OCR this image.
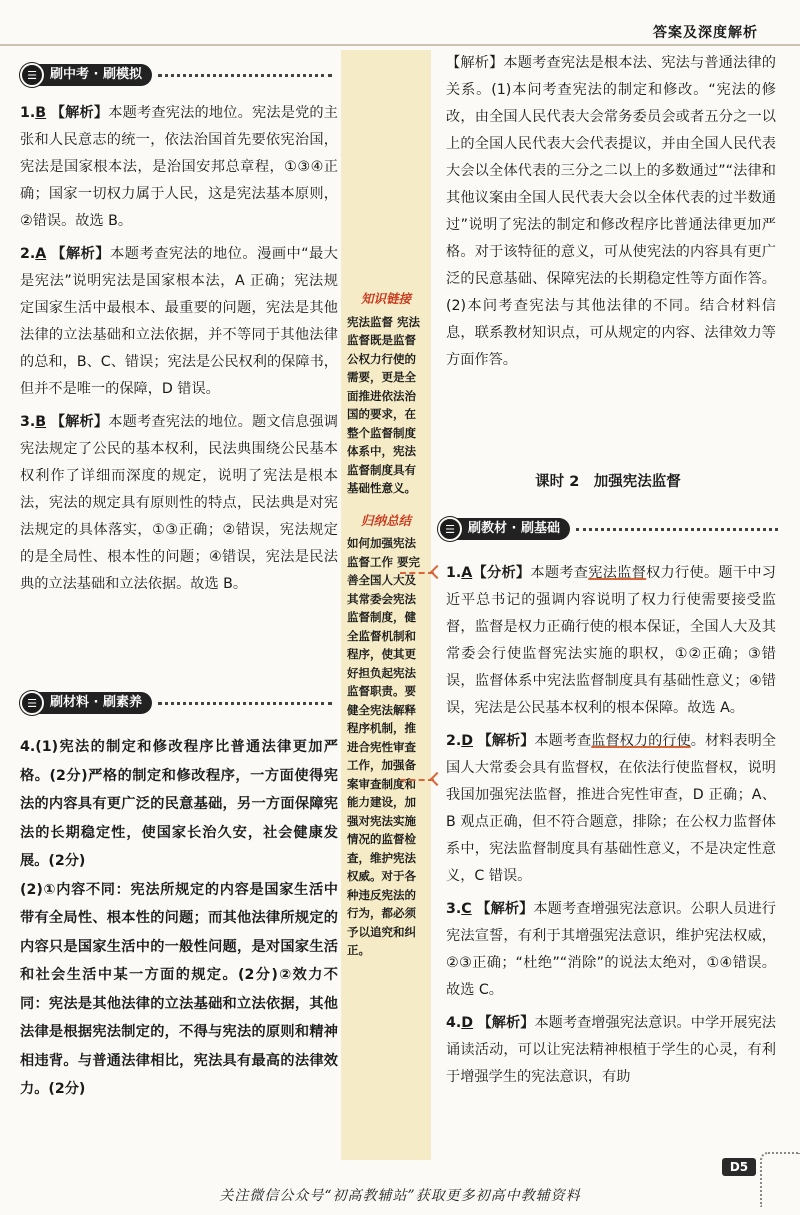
答案及深度解析
☰	刷中考 · 刷模拟

1.B 【解析】本题考查宪法的地位。宪法是党的主张和人民意志的统一，依法治国首先要依宪治国，宪法是国家根本法，是治国安邦总章程，①③④正确；国家一切权力属于人民，这是宪法基本原则，②错误。故选 B。

2.A 【解析】本题考查宪法的地位。漫画中“最大是宪法”说明宪法是国家根本法，A 正确；宪法规定国家生活中最根本、最重要的问题，宪法是其他法律的立法基础和立法依据，并不等同于其他法律的总和，B、C、错误；宪法是公民权利的保障书，但并不是唯一的保障，D 错误。

3.B 【解析】本题考查宪法的地位。题文信息强调宪法规定了公民的基本权利，民法典围绕公民基本权利作了详细而深度的规定，说明了宪法是根本法，宪法的规定具有原则性的特点，民法典是对宪法规定的具体落实，①③正确；②错误，宪法规定的是全局性、根本性的问题；④错误，宪法是民法典的立法基础和立法依据。故选 B。

☰	刷材料 · 刷素养

4.(1)宪法的制定和修改程序比普通法律更加严格。(2分)严格的制定和修改程序，一方面使得宪法的内容具有更广泛的民意基础，另一方面保障宪法的长期稳定性，使国家长治久安，社会健康发展。(2分)

(2)①内容不同：宪法所规定的内容是国家生活中带有全局性、根本性的问题；而其他法律所规定的内容只是国家生活中的一般性问题，是对国家生活和社会生活中某一方面的规定。(2分)②效力不同：宪法是其他法律的立法基础和立法依据，其他法律是根据宪法制定的，不得与宪法的原则和精神相违背。与普通法律相比，宪法具有最高的法律效力。(2分)

知识链接

宪法监督 宪法监督既是监督公权力行使的需要，更是全面推进依法治国的要求，在整个监督制度体系中，宪法监督制度具有基础性意义。

归纳总结

如何加强宪法监督工作 要完善全国人大及其常委会宪法监督制度，健全监督机制和程序，使其更好担负起宪法监督职责。要健全宪法解释程序机制，推进合宪性审查工作，加强备案审查制度和能力建设，加强对宪法实施情况的监督检查，维护宪法权威。对于各种违反宪法的行为，都必须予以追究和纠正。

【解析】本题考查宪法是根本法、宪法与普通法律的关系。(1)本问考查宪法的制定和修改。“宪法的修改，由全国人民代表大会常务委员会或者五分之一以上的全国人民代表大会代表提议，并由全国人民代表大会以全体代表的三分之二以上的多数通过”“法律和其他议案由全国人民代表大会以全体代表的过半数通过”说明了宪法的制定和修改程序比普通法律更加严格。对于该特征的意义，可从使宪法的内容具有更广泛的民意基础、保障宪法的长期稳定性等方面作答。(2)本问考查宪法与其他法律的不同。结合材料信息，联系教材知识点，可从规定的内容、法律效力等方面作答。

课时 2　加强宪法监督
☰	刷教材 · 刷基础

1.A【分析】本题考查宪法监督权力行使。题干中习近平总书记的强调内容说明了权力行使需要接受监督，监督是权力正确行使的根本保证，全国人大及其常委会行使监督宪法实施的职权，①②正确；③错误，监督体系中宪法监督制度具有基础性意义；④错误，宪法是公民基本权利的根本保障。故选 A。

2.D 【解析】本题考查监督权力的行使。材料表明全国人大常委会具有监督权，在依法行使监督权，说明我国加强宪法监督，推进合宪性审查，D 正确；A、B 观点正确，但不符合题意，排除；在公权力监督体系中，宪法监督制度具有基础性意义，不是决定性意义，C 错误。

3.C 【解析】本题考查增强宪法意识。公职人员进行宪法宣誓，有利于其增强宪法意识，维护宪法权威，②③正确；“杜绝”“消除”的说法太绝对，①④错误。故选 C。

4.D 【解析】本题考查增强宪法意识。中学开展宪法诵读活动，可以让宪法精神根植于学生的心灵，有利于增强学生的宪法意识，有助

D5
关注微信公众号“初高教辅站”获取更多初高中教辅资料
